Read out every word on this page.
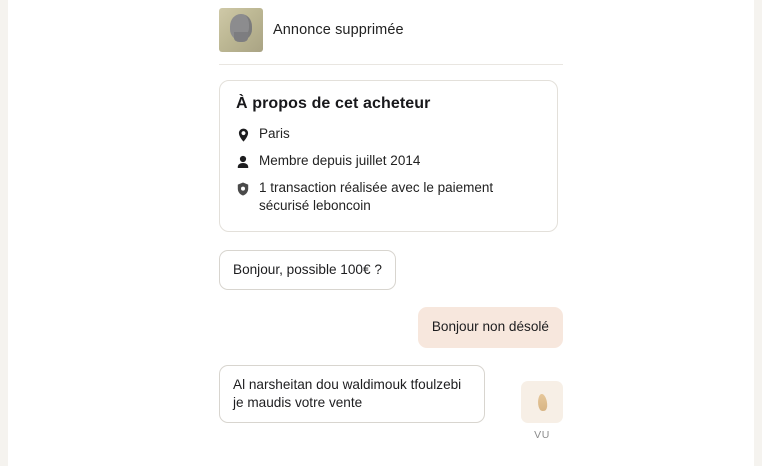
Annonce supprimée
À propos de cet acheteur
Paris
Membre depuis juillet 2014
1 transaction réalisée avec le paiement sécurisé leboncoin
Bonjour, possible 100€ ?
Bonjour non désolé
Al narsheitan dou waldimouk tfoulzebi je maudis votre vente
VU
